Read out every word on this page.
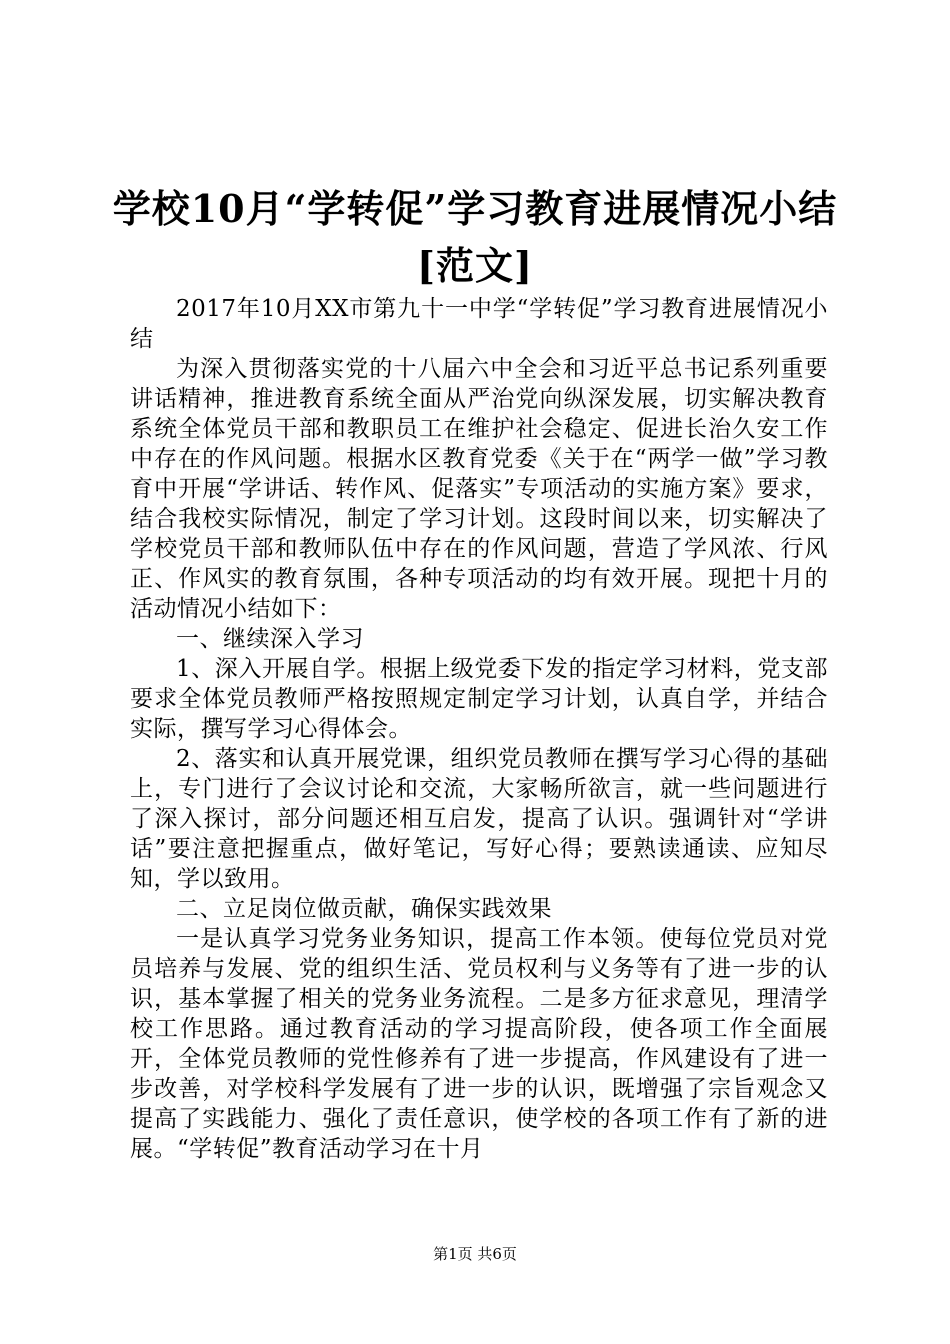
学校10月“学转促”学习教育进展情况小结
[范文]

2017年10月XX市第九十一中学“学转促”学习教育进展情况小结

为深入贯彻落实党的十八届六中全会和习近平总书记系列重要讲话精神，推进教育系统全面从严治党向纵深发展，切实解决教育系统全体党员干部和教职员工在维护社会稳定、促进长治久安工作中存在的作风问题。根据水区教育党委《关于在“两学一做”学习教育中开展“学讲话、转作风、促落实”专项活动的实施方案》要求，结合我校实际情况，制定了学习计划。这段时间以来，切实解决了学校党员干部和教师队伍中存在的作风问题，营造了学风浓、行风正、作风实的教育氛围，各种专项活动的均有效开展。现把十月的活动情况小结如下：

一、继续深入学习

1、深入开展自学。根据上级党委下发的指定学习材料，党支部要求全体党员教师严格按照规定制定学习计划，认真自学，并结合实际，撰写学习心得体会。

2、落实和认真开展党课，组织党员教师在撰写学习心得的基础上，专门进行了会议讨论和交流，大家畅所欲言，就一些问题进行了深入探讨，部分问题还相互启发，提高了认识。强调针对“学讲话”要注意把握重点，做好笔记，写好心得；要熟读通读、应知尽知，学以致用。

二、立足岗位做贡献，确保实践效果

一是认真学习党务业务知识，提高工作本领。使每位党员对党员培养与发展、党的组织生活、党员权利与义务等有了进一步的认识，基本掌握了相关的党务业务流程。二是多方征求意见，理清学校工作思路。通过教育活动的学习提高阶段，使各项工作全面展开，全体党员教师的党性修养有了进一步提高，作风建设有了进一步改善，对学校科学发展有了进一步的认识，既增强了宗旨观念又提高了实践能力、强化了责任意识，使学校的各项工作有了新的进展。“学转促”教育活动学习在十月

第1页 共6页
